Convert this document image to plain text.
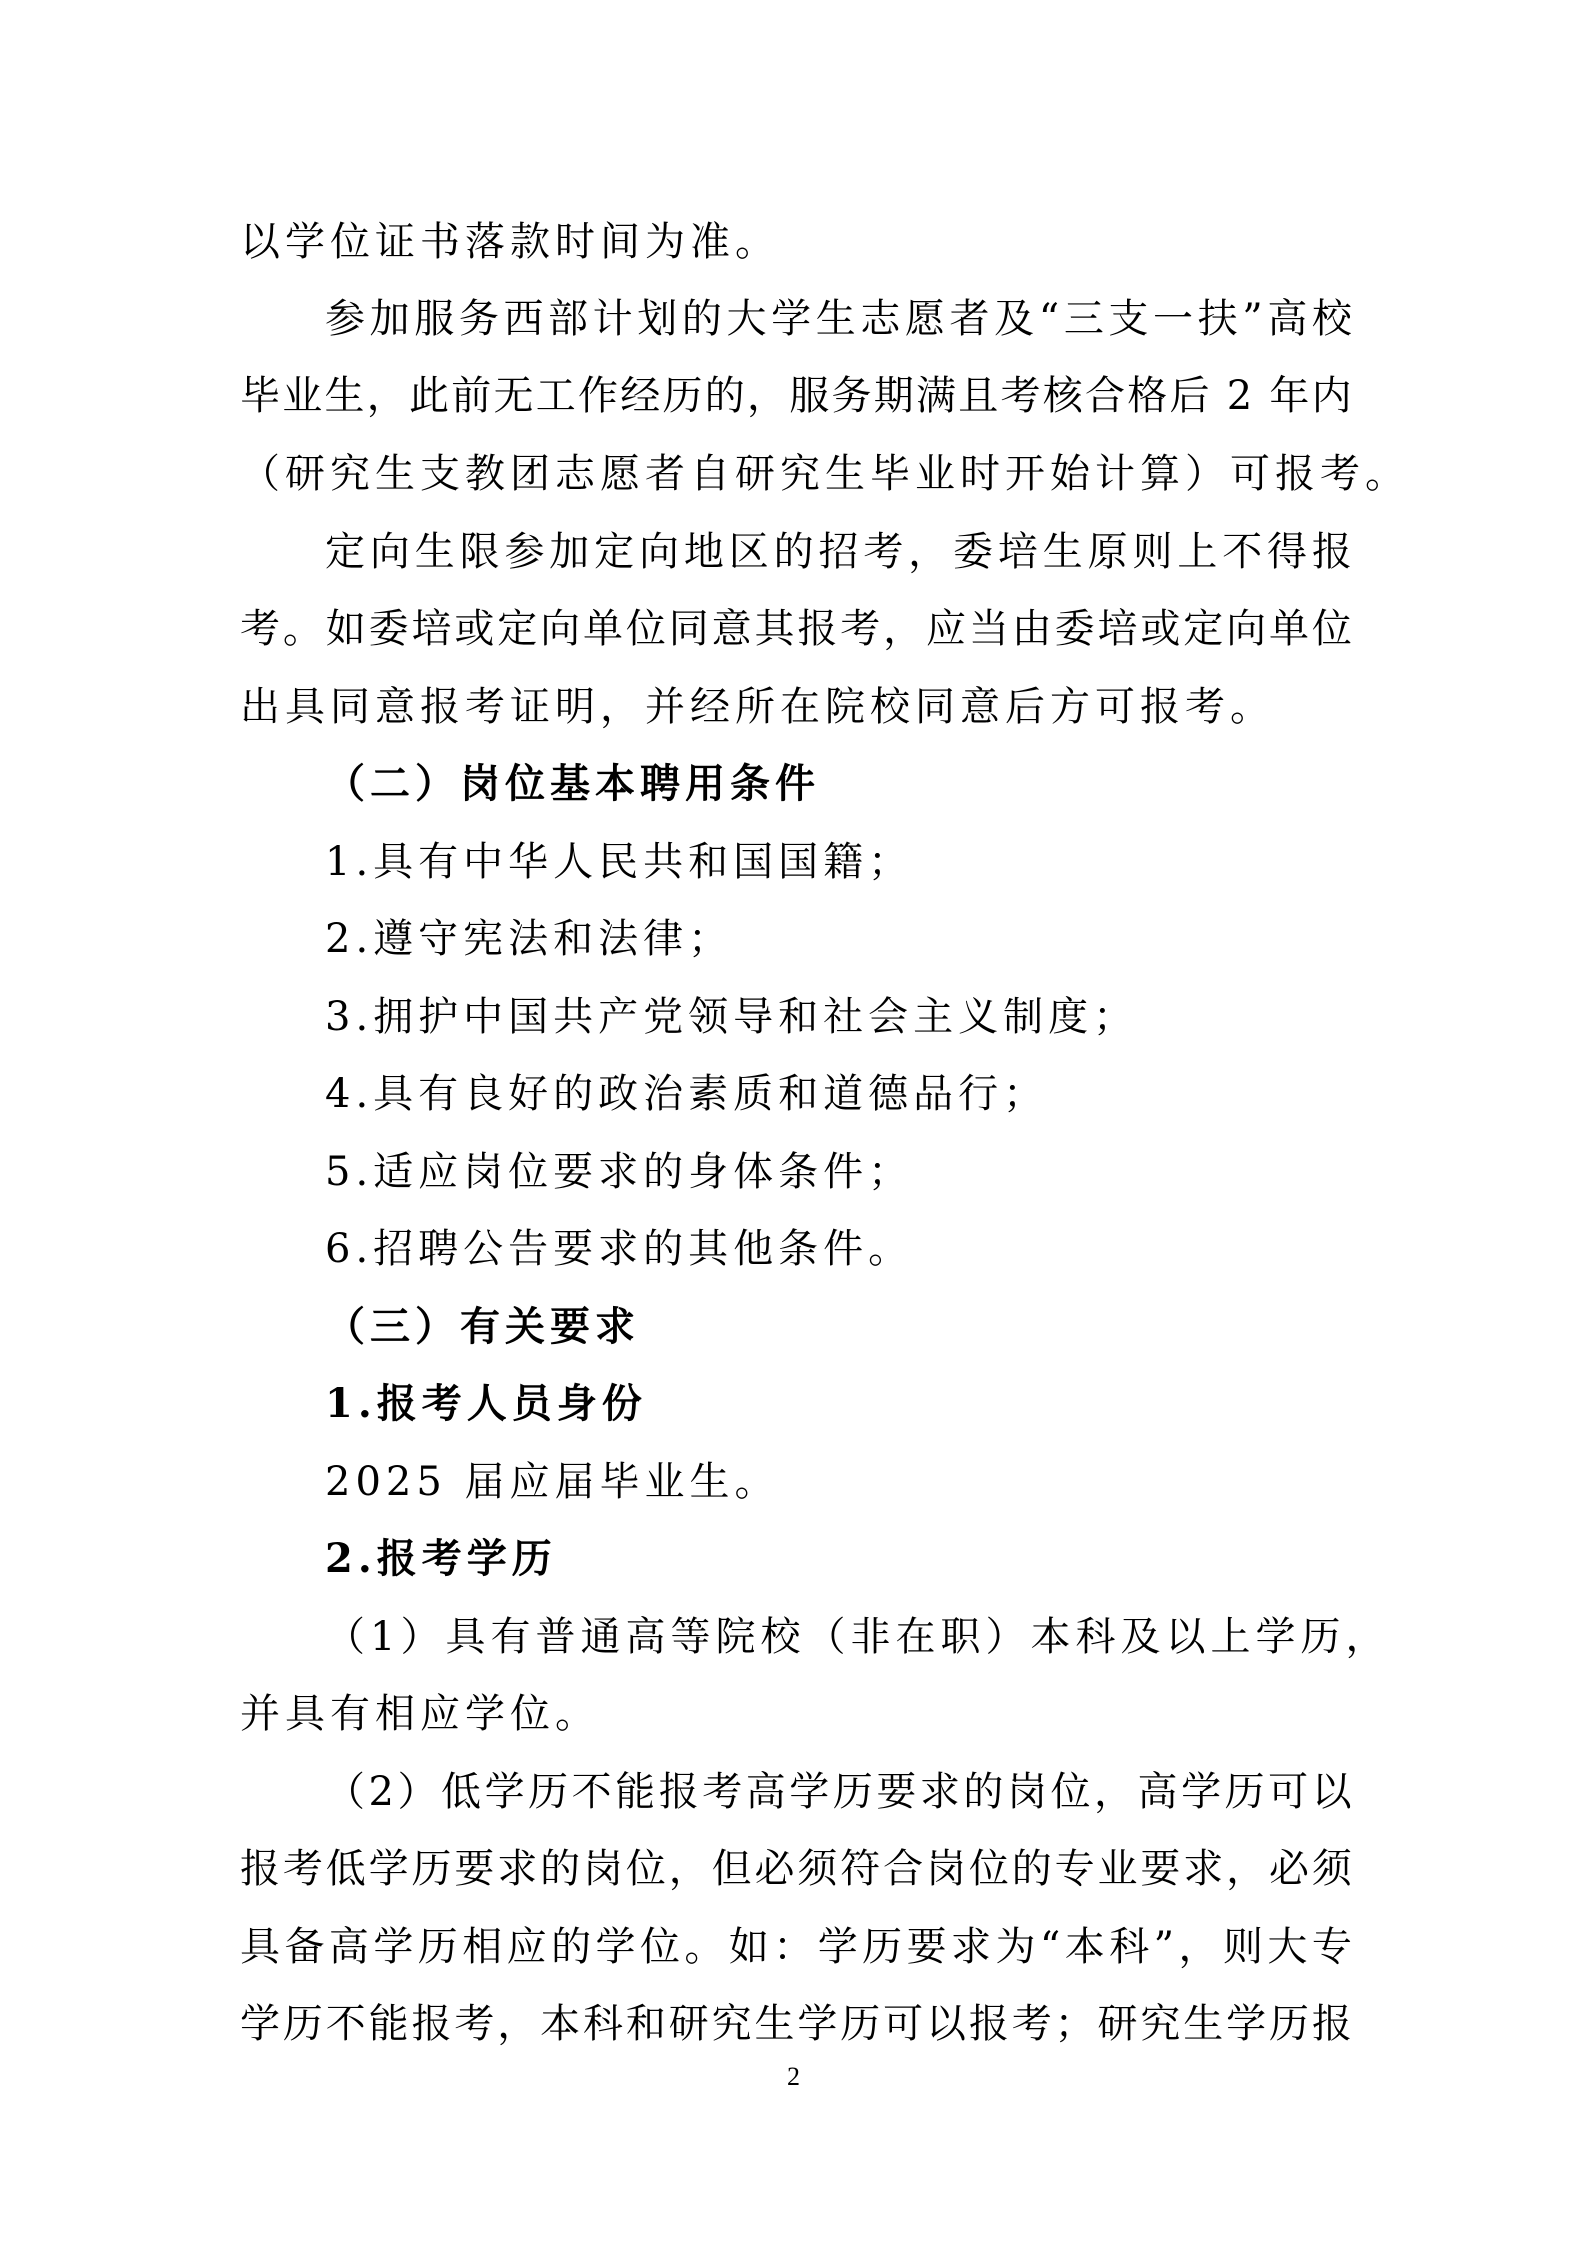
以学位证书落款时间为准。
参 加 服 务 西 部 计 划 的 大 学 生 志 愿 者 及 “ 三 支 一 扶 ” 高 校
毕 业 生 ， 此 前 无 工 作 经 历 的 ， 服 务 期 满 且 考 核 合 格 后
2
年 内
（研究生支教团志愿者自研究生毕业时开始计算）可报考。
定 向 生 限 参 加 定 向 地 区 的 招 考 ， 委 培 生 原 则 上 不 得 报
考 。 如 委 培 或 定 向 单 位 同 意 其 报 考 ， 应 当 由 委 培 或 定 向 单 位
出具同意报考证明，并经所在院校同意后方可报考。
（二）岗位基本聘用条件
1.具有中华人民共和国国籍；
2.遵守宪法和法律；
3.拥护中国共产党领导和社会主义制度；
4.具有良好的政治素质和道德品行；
5.适应岗位要求的身体条件；
6.招聘公告要求的其他条件。
（三）有关要求
1.报考人员身份
2025 届应届毕业生。
2.报考学历
（1）具有普通高等院校（非在职）本科及以上学历，
并具有相应学位。
（ 2 ） 低 学 历 不 能 报 考 高 学 历 要 求 的 岗 位 ， 高 学 历 可 以
报 考 低 学 历 要 求 的 岗 位 ， 但 必 须 符 合 岗 位 的 专 业 要 求 ， 必 须
具 备 高 学 历 相 应 的 学 位 。 如 ： 学 历 要 求 为 “ 本 科 ” ， 则 大 专
学 历 不 能 报 考 ， 本 科 和 研 究 生 学 历 可 以 报 考 ； 研 究 生 学 历 报
2
